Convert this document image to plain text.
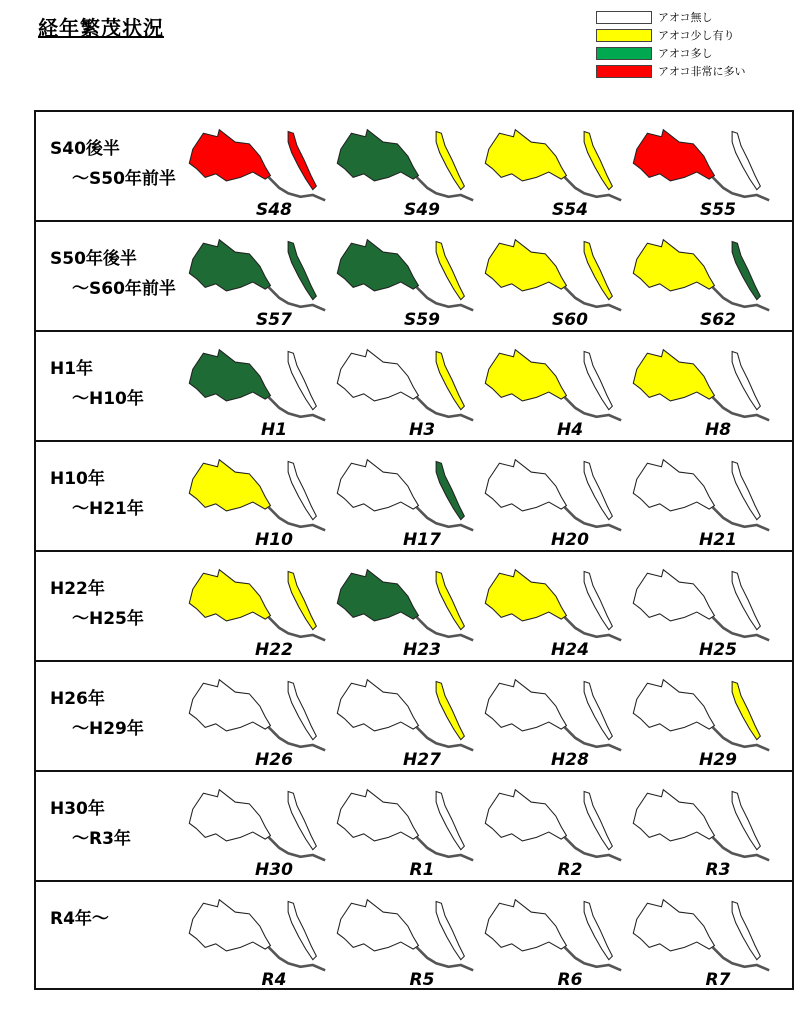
経年繁茂状況	アオコ無し
アオコ少し有り
アオコ多し
アオコ非常に多い
S40後半
～S50年前半
S48	S49	S54	S55
S50年後半
～S60年前半
S57	S59	S60	S62
H1年
～H10年
H1	H3	H4	H8
H10年
～H21年
H10	H17	H20	H21
H22年
～H25年
H22	H23	H24	H25
H26年
～H29年
H26	H27	H28	H29
H30年
～R3年
H30	R1	R2	R3
R4年～
R4	R5	R6	R7
